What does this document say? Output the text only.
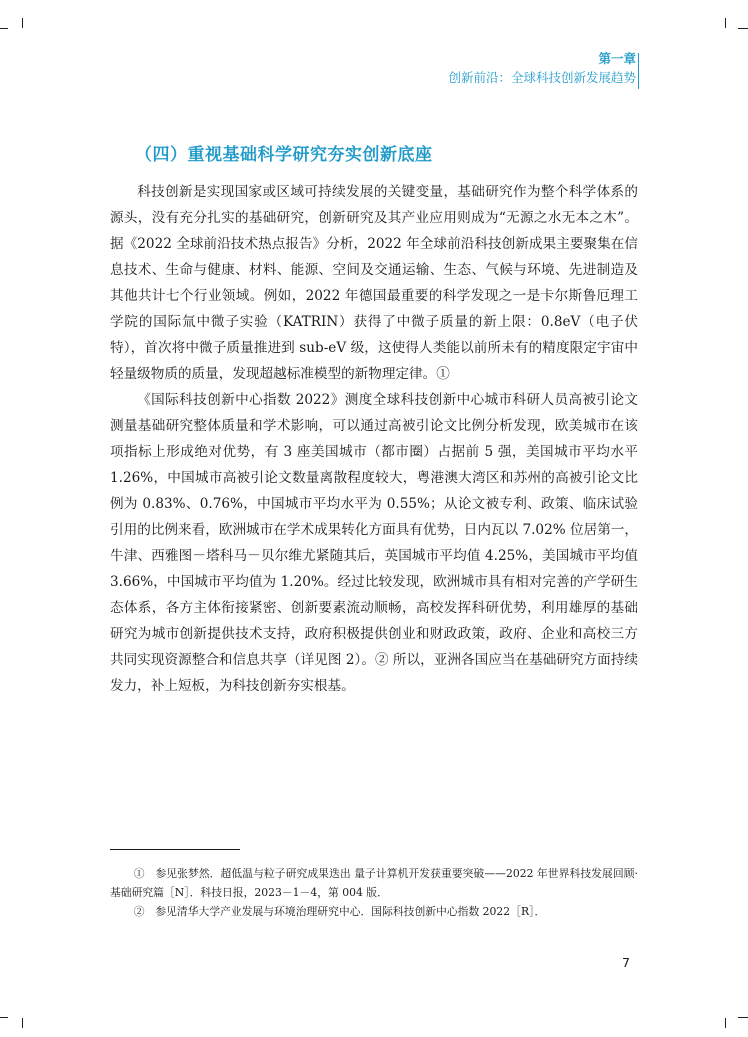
第一章
创新前沿：全球科技创新发展趋势
（四）重视基础科学研究夯实创新底座

科技创新是实现国家或区域可持续发展的关键变量，基础研究作为整个科学体系的源头，没有充分扎实的基础研究，创新研究及其产业应用则成为“无源之水无本之木”。据《2022 全球前沿技术热点报告》分析，2022 年全球前沿科技创新成果主要聚集在信息技术、生命与健康、材料、能源、空间及交通运输、生态、气候与环境、先进制造及其他共计七个行业领域。例如，2022 年德国最重要的科学发现之一是卡尔斯鲁厄理工学院的国际氚中微子实验（KATRIN）获得了中微子质量的新上限：0.8eV（电子伏特），首次将中微子质量推进到 sub-eV 级，这使得人类能以前所未有的精度限定宇宙中轻量级物质的质量，发现超越标准模型的新物理定律。①

《国际科技创新中心指数 2022》测度全球科技创新中心城市科研人员高被引论文测量基础研究整体质量和学术影响，可以通过高被引论文比例分析发现，欧美城市在该项指标上形成绝对优势，有 3 座美国城市（都市圈）占据前 5 强，美国城市平均水平 1.26%，中国城市高被引论文数量离散程度较大，粤港澳大湾区和苏州的高被引论文比例为 0.83%、0.76%，中国城市平均水平为 0.55%；从论文被专利、政策、临床试验引用的比例来看，欧洲城市在学术成果转化方面具有优势，日内瓦以 7.02% 位居第一，牛津、西雅图－塔科马－贝尔维尤紧随其后，英国城市平均值 4.25%，美国城市平均值 3.66%，中国城市平均值为 1.20%。经过比较发现，欧洲城市具有相对完善的产学研生态体系，各方主体衔接紧密、创新要素流动顺畅，高校发挥科研优势，利用雄厚的基础研究为城市创新提供技术支持，政府积极提供创业和财政政策，政府、企业和高校三方共同实现资源整合和信息共享（详见图 2）。② 所以，亚洲各国应当在基础研究方面持续发力，补上短板，为科技创新夯实根基。

①　参见张梦然．超低温与粒子研究成果迭出 量子计算机开发获重要突破——2022 年世界科技发展回顾·基础研究篇［N］．科技日报，2023－1－4，第 004 版．

②　参见清华大学产业发展与环境治理研究中心．国际科技创新中心指数 2022［R］．

7
